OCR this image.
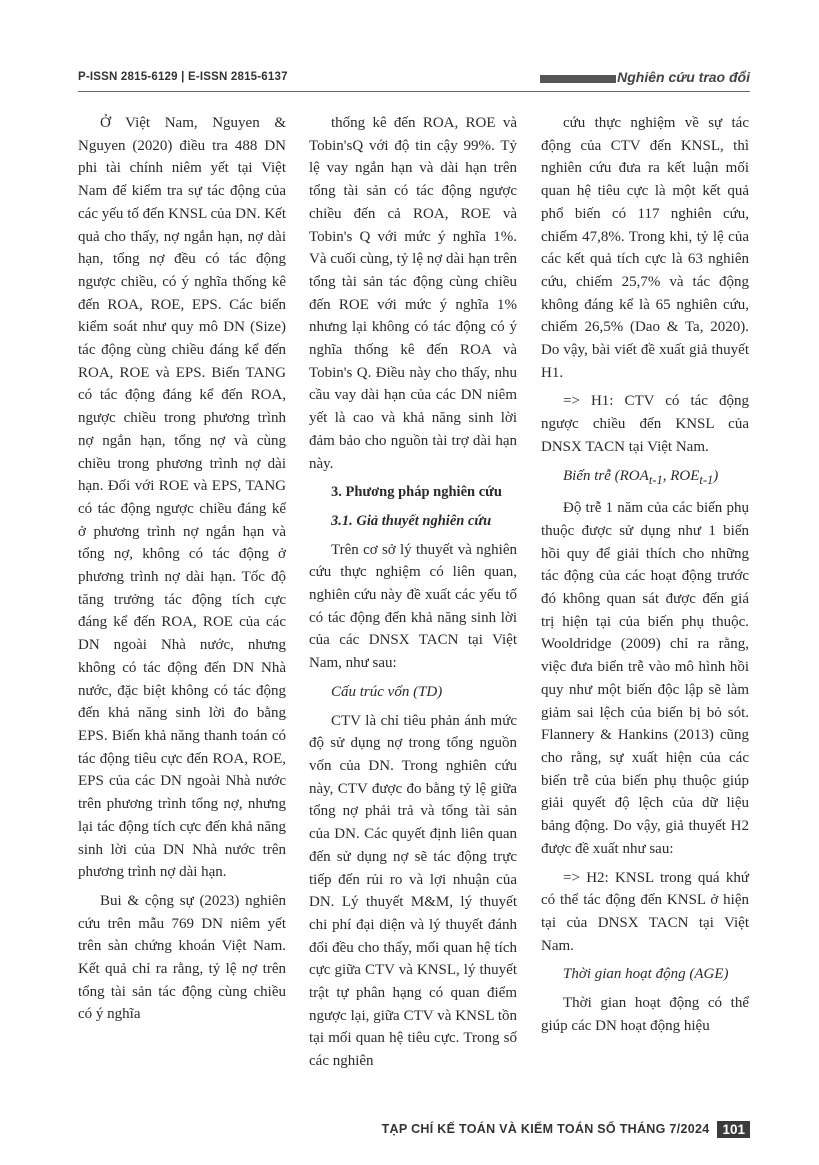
P-ISSN 2815-6129 | E-ISSN 2815-6137	Nghiên cứu trao đổi

Ở Việt Nam, Nguyen & Nguyen (2020) điều tra 488 DN phi tài chính niêm yết tại Việt Nam để kiểm tra sự tác động của các yếu tố đến KNSL của DN. Kết quả cho thấy, nợ ngắn hạn, nợ dài hạn, tổng nợ đều có tác động ngược chiều, có ý nghĩa thống kê đến ROA, ROE, EPS. Các biến kiểm soát như quy mô DN (Size) tác động cùng chiều đáng kể đến ROA, ROE và EPS. Biến TANG có tác động đáng kể đến ROA, ngược chiều trong phương trình nợ ngắn hạn, tổng nợ và cùng chiều trong phương trình nợ dài hạn. Đối với ROE và EPS, TANG có tác động ngược chiều đáng kể ở phương trình nợ ngắn hạn và tổng nợ, không có tác động ở phương trình nợ dài hạn. Tốc độ tăng trưởng tác động tích cực đáng kể đến ROA, ROE của các DN ngoài Nhà nước, nhưng không có tác động đến DN Nhà nước, đặc biệt không có tác động đến khả năng sinh lời đo bằng EPS. Biến khả năng thanh toán có tác động tiêu cực đến ROA, ROE, EPS của các DN ngoài Nhà nước trên phương trình tổng nợ, nhưng lại tác động tích cực đến khả năng sinh lời của DN Nhà nước trên phương trình nợ dài hạn.

Bui & cộng sự (2023) nghiên cứu trên mẫu 769 DN niêm yết trên sàn chứng khoán Việt Nam. Kết quả chỉ ra rằng, tỷ lệ nợ trên tổng tài sản tác động cùng chiều có ý nghĩa

thống kê đến ROA, ROE và Tobin'sQ với độ tin cậy 99%. Tỷ lệ vay ngắn hạn và dài hạn trên tổng tài sản có tác động ngược chiều đến cả ROA, ROE và Tobin's Q với mức ý nghĩa 1%. Và cuối cùng, tỷ lệ nợ dài hạn trên tổng tài sản tác động cùng chiều đến ROE với mức ý nghĩa 1% nhưng lại không có tác động có ý nghĩa thống kê đến ROA và Tobin's Q. Điều này cho thấy, nhu cầu vay dài hạn của các DN niêm yết là cao và khả năng sinh lời đảm bảo cho nguồn tài trợ dài hạn này.

3. Phương pháp nghiên cứu
3.1. Giả thuyết nghiên cứu

Trên cơ sở lý thuyết và nghiên cứu thực nghiệm có liên quan, nghiên cứu này đề xuất các yếu tố có tác động đến khả năng sinh lời của các DNSX TACN tại Việt Nam, như sau:

Cấu trúc vốn (TD)

CTV là chỉ tiêu phản ánh mức độ sử dụng nợ trong tổng nguồn vốn của DN. Trong nghiên cứu này, CTV được đo bằng tỷ lệ giữa tổng nợ phải trả và tổng tài sản của DN. Các quyết định liên quan đến sử dụng nợ sẽ tác động trực tiếp đến rủi ro và lợi nhuận của DN. Lý thuyết M&M, lý thuyết chi phí đại diện và lý thuyết đánh đổi đều cho thấy, mối quan hệ tích cực giữa CTV và KNSL, lý thuyết trật tự phân hạng có quan điểm ngược lại, giữa CTV và KNSL tồn tại mối quan hệ tiêu cực. Trong số các nghiên

cứu thực nghiệm về sự tác động của CTV đến KNSL, thì nghiên cứu đưa ra kết luận mối quan hệ tiêu cực là một kết quả phổ biến có 117 nghiên cứu, chiếm 47,8%. Trong khi, tỷ lệ của các kết quả tích cực là 63 nghiên cứu, chiếm 25,7% và tác động không đáng kể là 65 nghiên cứu, chiếm 26,5% (Dao & Ta, 2020). Do vậy, bài viết đề xuất giả thuyết H1.

=> H1: CTV có tác động ngược chiều đến KNSL của DNSX TACN tại Việt Nam.

Biến trễ ($ROA_{t-1}$, $ROE_{t-1}$)

Độ trễ 1 năm của các biến phụ thuộc được sử dụng như 1 biến hồi quy để giải thích cho những tác động của các hoạt động trước đó không quan sát được đến giá trị hiện tại của biến phụ thuộc. Wooldridge (2009) chỉ ra rằng, việc đưa biến trễ vào mô hình hồi quy như một biến độc lập sẽ làm giảm sai lệch của biến bị bỏ sót. Flannery & Hankins (2013) cũng cho rằng, sự xuất hiện của các biến trễ của biến phụ thuộc giúp giải quyết độ lệch của dữ liệu bảng động. Do vậy, giả thuyết H2 được đề xuất như sau:

=> H2: KNSL trong quá khứ có thể tác động đến KNSL ở hiện tại của DNSX TACN tại Việt Nam.

Thời gian hoạt động (AGE)

Thời gian hoạt động có thể giúp các DN hoạt động hiệu

TẠP CHÍ KẾ TOÁN VÀ KIỂM TOÁN SỐ THÁNG 7/2024 101
